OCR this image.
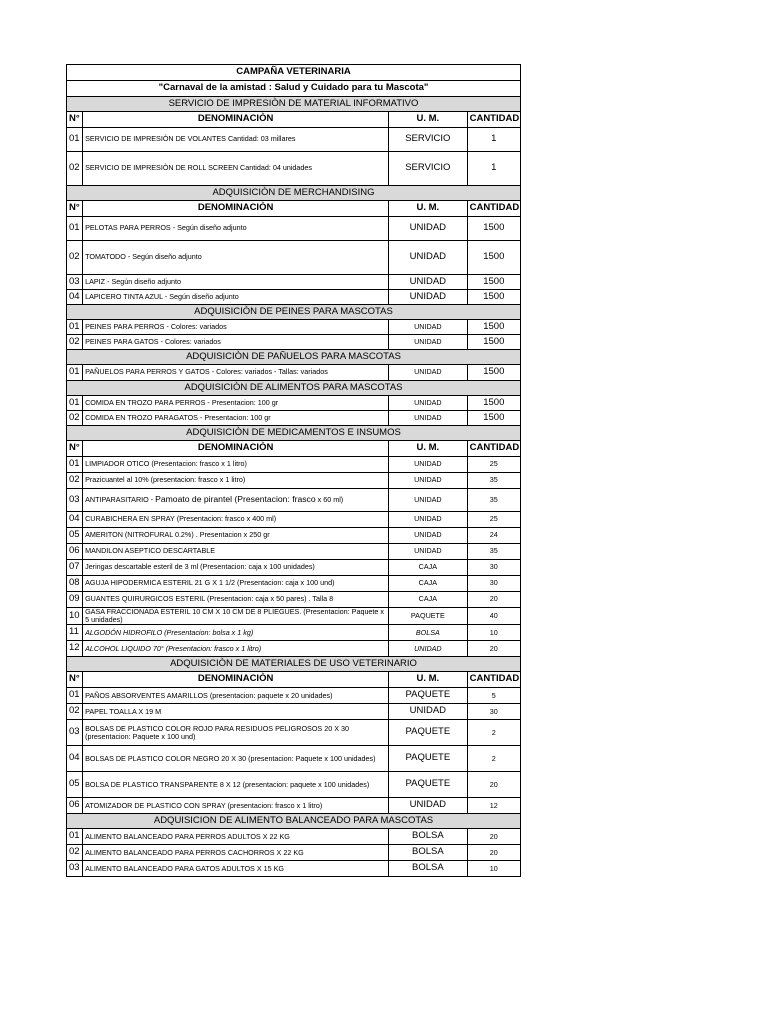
CAMPAÑA VETERINARIA			
"Carnaval de la amistad : Salud y Cuidado para tu Mascota"			
SERVICIO DE IMPRESIÒN DE MATERIAL INFORMATIVO			
N°	DENOMINACIÒN	U. M.	CANTIDAD
01	SERVICIO DE IMPRESIÒN DE VOLANTES Cantidad: 03 millares	SERVICIO	1
02	SERVICIO DE IMPRESIÒN DE ROLL SCREEN Cantidad: 04 unidades	SERVICIO	1
ADQUISICIÒN DE MERCHANDISING			
N°	DENOMINACIÒN	U. M.	CANTIDAD
01	PELOTAS PARA PERROS - Según diseño adjunto	UNIDAD	1500
02	TOMATODO - Según diseño adjunto	UNIDAD	1500
03	LAPIZ - Según diseño adjunto	UNIDAD	1500
04	LAPICERO TINTA AZUL - Según diseño adjunto	UNIDAD	1500
ADQUISICIÒN DE PEINES PARA MASCOTAS			
01	PEINES PARA PERROS - Colores: variados	UNIDAD	1500
02	PEINES PARA GATOS - Colores: variados	UNIDAD	1500
ADQUISICIÒN DE PAÑUELOS PARA MASCOTAS			
01	PAÑUELOS PARA PERROS Y GATOS - Colores: variados - Tallas: variados	UNIDAD	1500
ADQUISICIÒN DE ALIMENTOS PARA MASCOTAS			
01	COMIDA EN TROZO PARA PERROS - Presentacion: 100 gr	UNIDAD	1500
02	COMIDA EN TROZO PARAGATOS - Presentacion: 100 gr	UNIDAD	1500
ADQUISICIÒN DE MEDICAMENTOS E INSUMOS			
N°	DENOMINACIÒN	U. M.	CANTIDAD
01	LIMPIADOR OTICO (Presentacion: frasco x 1 litro)	UNIDAD	25
02	Prazicuantel al 10% (presentacion: frasco x 1 litro)	UNIDAD	35
03	ANTIPARASITARIO - Pamoato de pirantel (Presentacion: frasco x 60 ml)	UNIDAD	35
04	CURABICHERA EN SPRAY (Presentacion: frasco x 400 ml)	UNIDAD	25
05	AMERITON (NITROFURAL 0.2%) . Presentacion x 250 gr	UNIDAD	24
06	MANDILON ASEPTICO DESCARTABLE	UNIDAD	35
07	Jeringas descartable esteril de 3 ml (Presentacion: caja x 100 unidades)	CAJA	30
08	AGUJA HIPODERMICA ESTERIL 21 G X 1 1/2 (Presentacion: caja x 100 und)	CAJA	30
09	GUANTES QUIRURGICOS ESTERIL (Presentacion: caja x 50 pares) . Talla 8	CAJA	20
10	GASA FRACCIONADA ESTERIL 10 CM X 10 CM DE 8 PLIEGUES. (Presentacion: Paquete x 5 unidades)	PAQUETE	40
11	ALGODÓN HIDROFILO (Presentacion: bolsa x 1 kg)	BOLSA	10
12	ALCOHOL LIQUIDO 70° (Presentacion: frasco x 1 litro)	UNIDAD	20
ADQUISICIÒN DE MATERIALES DE USO VETERINARIO			
N°	DENOMINACIÒN	U. M.	CANTIDAD
01	PAÑOS ABSORVENTES AMARILLOS (presentacion: paquete x 20 unidades)	PAQUETE	5
02	PAPEL TOALLA X 19 M	UNIDAD	30
03	BOLSAS DE PLASTICO COLOR ROJO PARA RESIDUOS PELIGROSOS 20 X 30 (presentacion: Paquete x 100 und)	PAQUETE	2
04	BOLSAS DE PLASTICO COLOR NEGRO 20 X 30 (presentacion: Paquete x 100 unidades)	PAQUETE	2
05	BOLSA DE PLASTICO TRANSPARENTE 8 X 12 (presentacion: paquete x 100 unidades)	PAQUETE	20
06	ATOMIZADOR DE PLASTICO CON SPRAY (presentacion: frasco x 1 litro)	UNIDAD	12
ADQUISICION DE ALIMENTO BALANCEADO PARA MASCOTAS			
01	ALIMENTO BALANCEADO PARA PERROS ADULTOS X 22 KG	BOLSA	20
02	ALIMENTO BALANCEADO PARA PERROS CACHORROS X 22 KG	BOLSA	20
03	ALIMENTO BALANCEADO PARA GATOS ADULTOS X 15 KG	BOLSA	10
